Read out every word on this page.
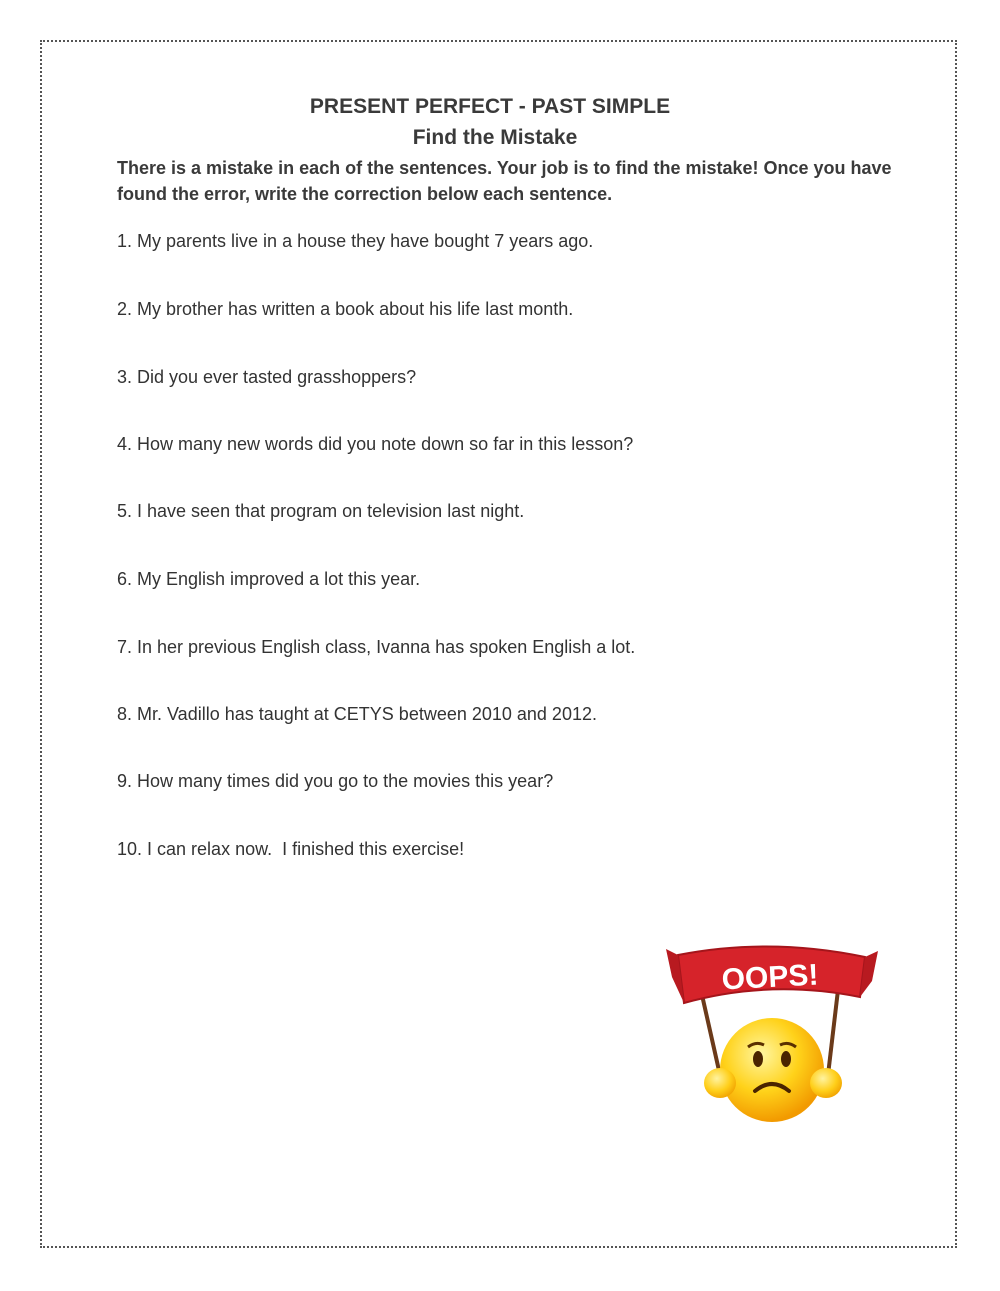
PRESENT PERFECT - PAST SIMPLE
Find the Mistake
There is a mistake in each of the sentences. Your job is to find the mistake! Once you have found the error, write the correction below each sentence.
1. My parents live in a house they have bought 7 years ago.
2. My brother has written a book about his life last month.
3. Did you ever tasted grasshoppers?
4. How many new words did you note down so far in this lesson?
5. I have seen that program on television last night.
6. My English improved a lot this year.
7. In her previous English class, Ivanna has spoken English a lot.
8. Mr. Vadillo has taught at CETYS between 2010 and 2012.
9. How many times did you go to the movies this year?
10. I can relax now.  I finished this exercise!
OOPS!
